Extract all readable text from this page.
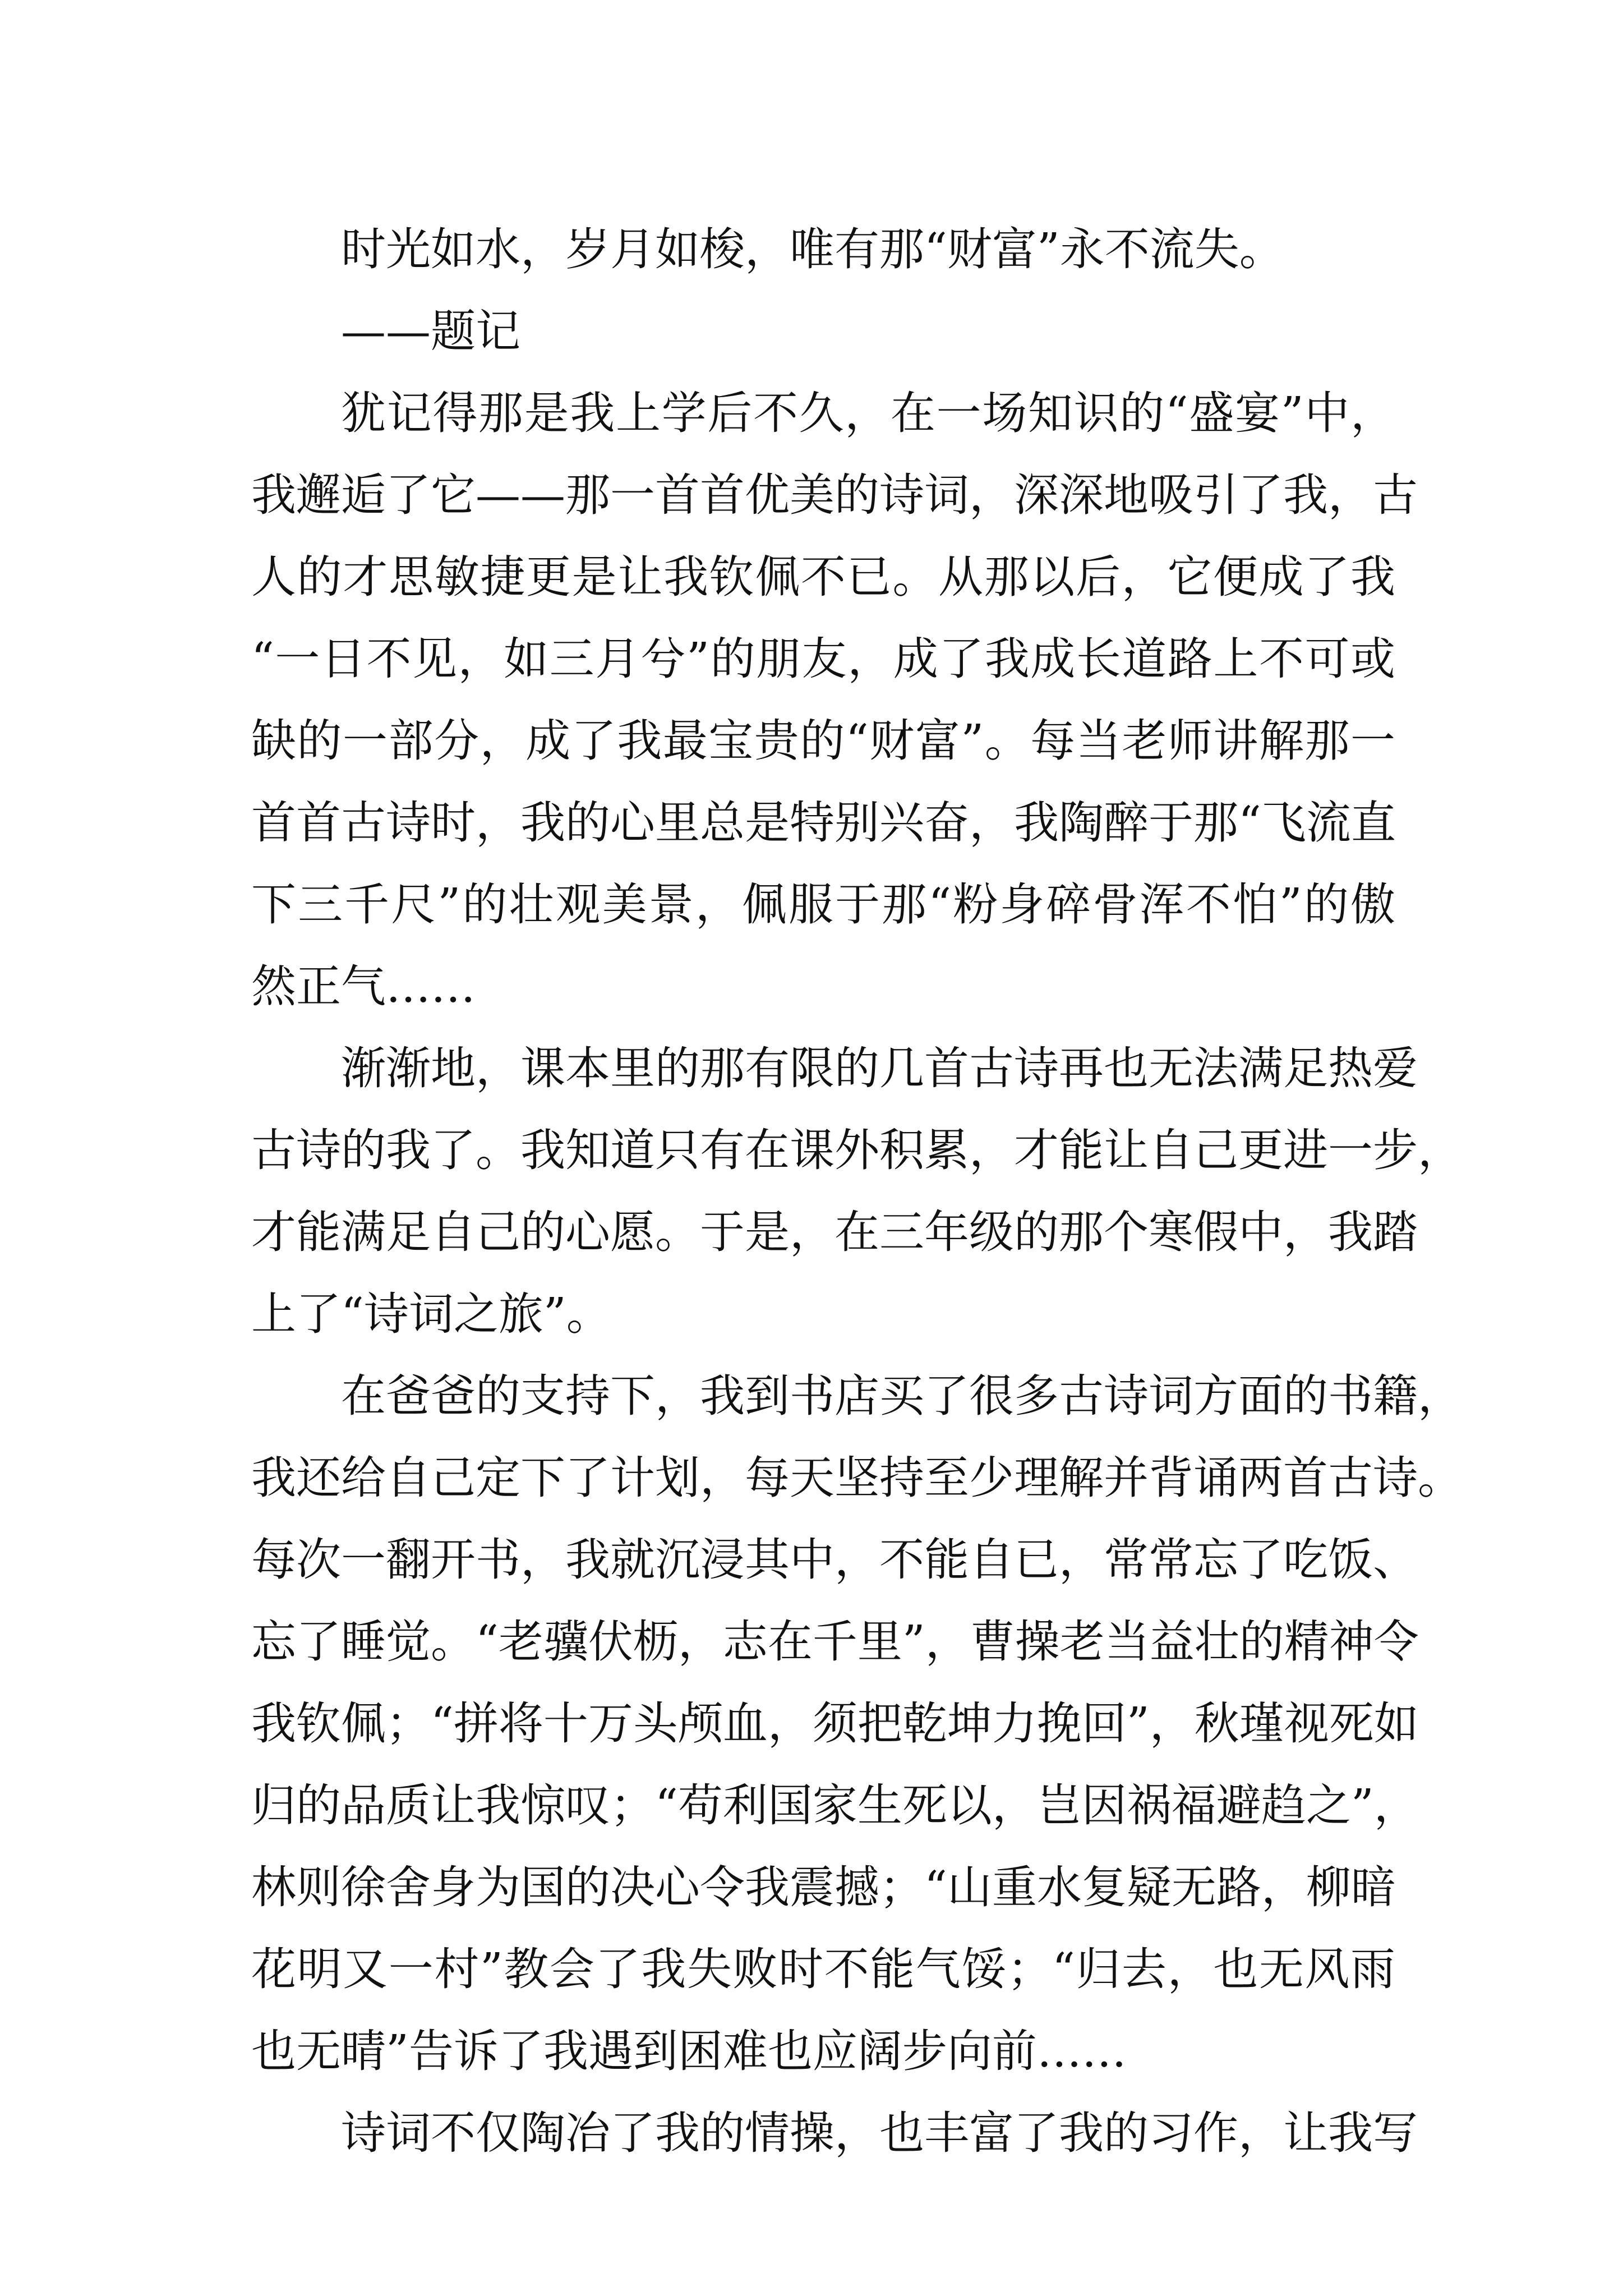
时光如水，岁月如梭，唯有那“财富”永不流失。
——题记
犹记得那是我上学后不久，在一场知识的“盛宴”中，
我邂逅了它——那一首首优美的诗词，深深地吸引了我，古
人的才思敏捷更是让我钦佩不已。从那以后，它便成了我
“一日不见，如三月兮”的朋友，成了我成长道路上不可或
缺的一部分，成了我最宝贵的“财富”。每当老师讲解那一
首首古诗时，我的心里总是特别兴奋，我陶醉于那“飞流直
下三千尺”的壮观美景，佩服于那“粉身碎骨浑不怕”的傲
然正气……
渐渐地，课本里的那有限的几首古诗再也无法满足热爱
古诗的我了。我知道只有在课外积累，才能让自己更进一步，
才能满足自己的心愿。于是，在三年级的那个寒假中，我踏
上了“诗词之旅”。
在爸爸的支持下，我到书店买了很多古诗词方面的书籍，
我还给自己定下了计划，每天坚持至少理解并背诵两首古诗。
每次一翻开书，我就沉浸其中，不能自已，常常忘了吃饭、
忘了睡觉。“老骥伏枥，志在千里”，曹操老当益壮的精神令
我钦佩；“拼将十万头颅血，须把乾坤力挽回”，秋瑾视死如
归的品质让我惊叹；“苟利国家生死以，岂因祸福避趋之”，
林则徐舍身为国的决心令我震撼；“山重水复疑无路，柳暗
花明又一村”教会了我失败时不能气馁；“归去，也无风雨
也无晴”告诉了我遇到困难也应阔步向前……
诗词不仅陶冶了我的情操，也丰富了我的习作，让我写
